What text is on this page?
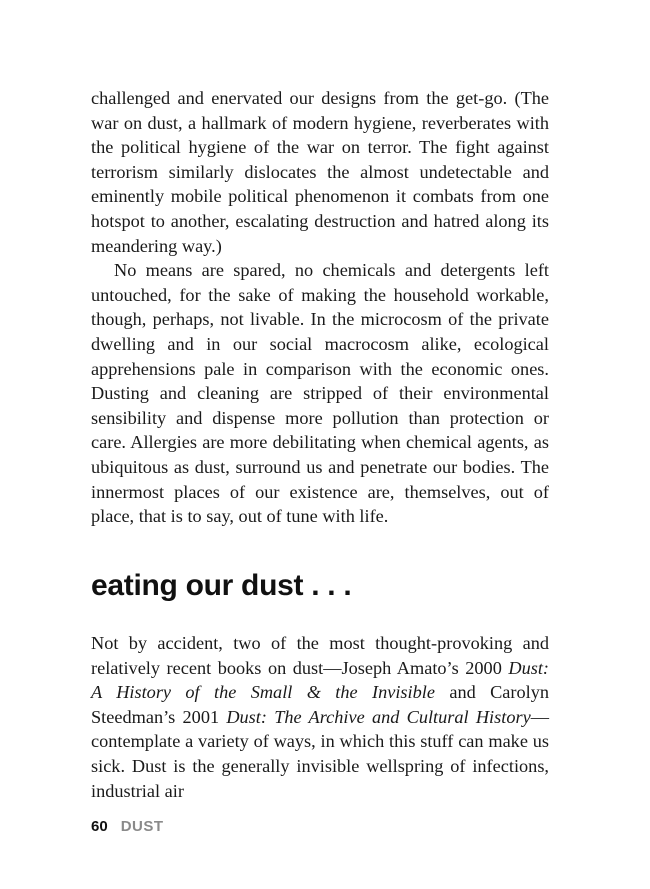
challenged and enervated our designs from the get-go. (The war on dust, a hallmark of modern hygiene, reverberates with the political hygiene of the war on terror. The fight against terrorism similarly dislocates the almost undetectable and eminently mobile political phenomenon it combats from one hotspot to another, escalating destruction and hatred along its meandering way.)

No means are spared, no chemicals and detergents left untouched, for the sake of making the household workable, though, perhaps, not livable. In the microcosm of the private dwelling and in our social macrocosm alike, ecological apprehensions pale in comparison with the economic ones. Dusting and cleaning are stripped of their environmental sensibility and dispense more pollution than protection or care. Allergies are more debilitating when chemical agents, as ubiquitous as dust, surround us and penetrate our bodies. The innermost places of our existence are, themselves, out of place, that is to say, out of tune with life.

eating our dust . . .

Not by accident, two of the most thought-provoking and relatively recent books on dust—Joseph Amato’s 2000 Dust: A History of the Small & the Invisible and Carolyn Steedman’s 2001 Dust: The Archive and Cultural History—contemplate a variety of ways, in which this stuff can make us sick. Dust is the generally invisible wellspring of infections, industrial air

60 DUST
